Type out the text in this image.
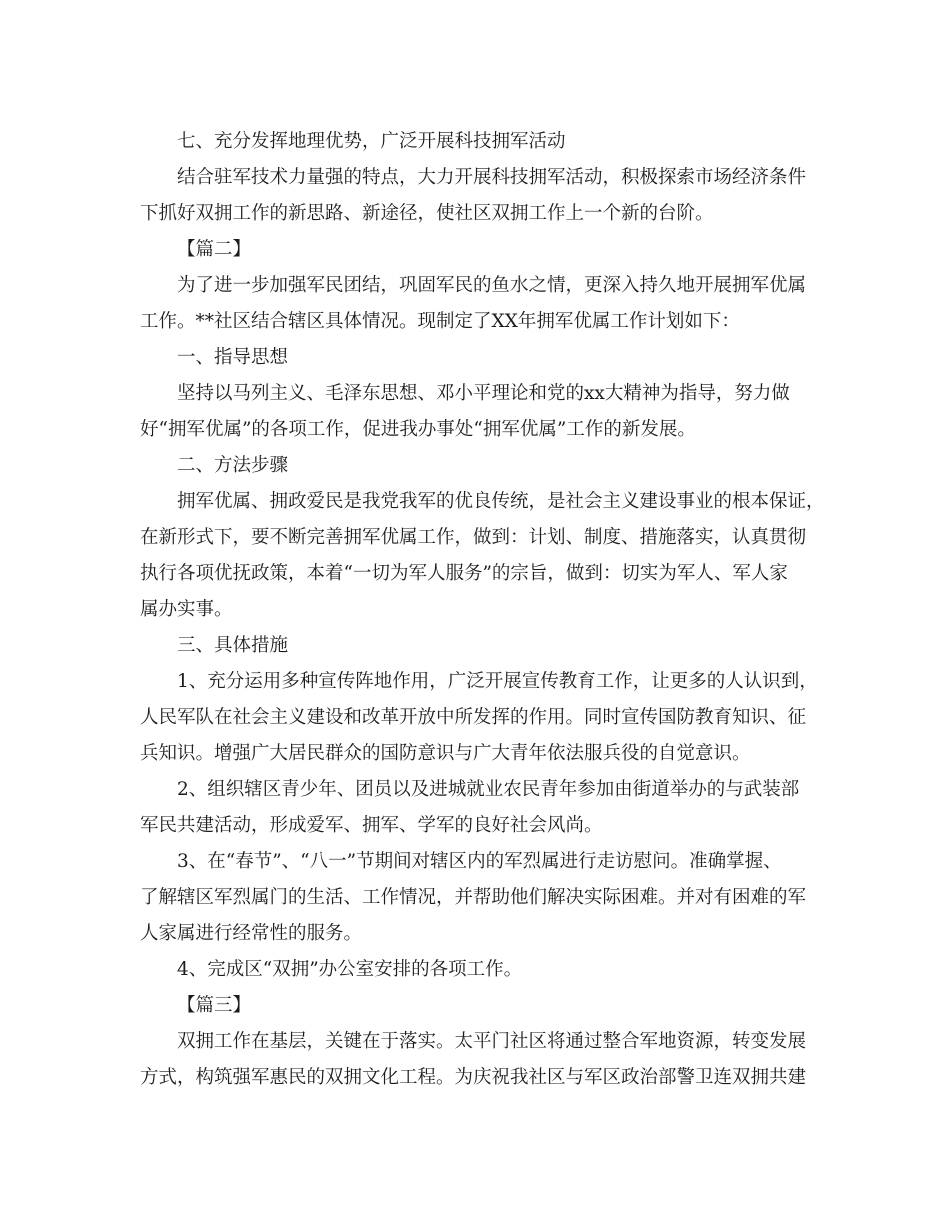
七、充分发挥地理优势，广泛开展科技拥军活动
结合驻军技术力量强的特点，大力开展科技拥军活动，积极探索市场经济条件
下抓好双拥工作的新思路、新途径，使社区双拥工作上一个新的台阶。
【篇二】
为了进一步加强军民团结，巩固军民的鱼水之情，更深入持久地开展拥军优属
工作。**社区结合辖区具体情况。现制定了XX年拥军优属工作计划如下：
一、指导思想
坚持以马列主义、毛泽东思想、邓小平理论和党的xx大精神为指导，努力做
好“拥军优属”的各项工作，促进我办事处“拥军优属”工作的新发展。
二、方法步骤
拥军优属、拥政爱民是我党我军的优良传统，是社会主义建设事业的根本保证，
在新形式下，要不断完善拥军优属工作，做到：计划、制度、措施落实，认真贯彻
执行各项优抚政策，本着“一切为军人服务”的宗旨，做到：切实为军人、军人家
属办实事。
三、具体措施
1、充分运用多种宣传阵地作用，广泛开展宣传教育工作，让更多的人认识到，
人民军队在社会主义建设和改革开放中所发挥的作用。同时宣传国防教育知识、征
兵知识。增强广大居民群众的国防意识与广大青年依法服兵役的自觉意识。
2、组织辖区青少年、团员以及进城就业农民青年参加由街道举办的与武装部
军民共建活动，形成爱军、拥军、学军的良好社会风尚。
3、在“春节”、“八一”节期间对辖区内的军烈属进行走访慰问。准确掌握、
了解辖区军烈属门的生活、工作情况，并帮助他们解决实际困难。并对有困难的军
人家属进行经常性的服务。
4、完成区“双拥”办公室安排的各项工作。
【篇三】
双拥工作在基层，关键在于落实。太平门社区将通过整合军地资源，转变发展
方式，构筑强军惠民的双拥文化工程。为庆祝我社区与军区政治部警卫连双拥共建
